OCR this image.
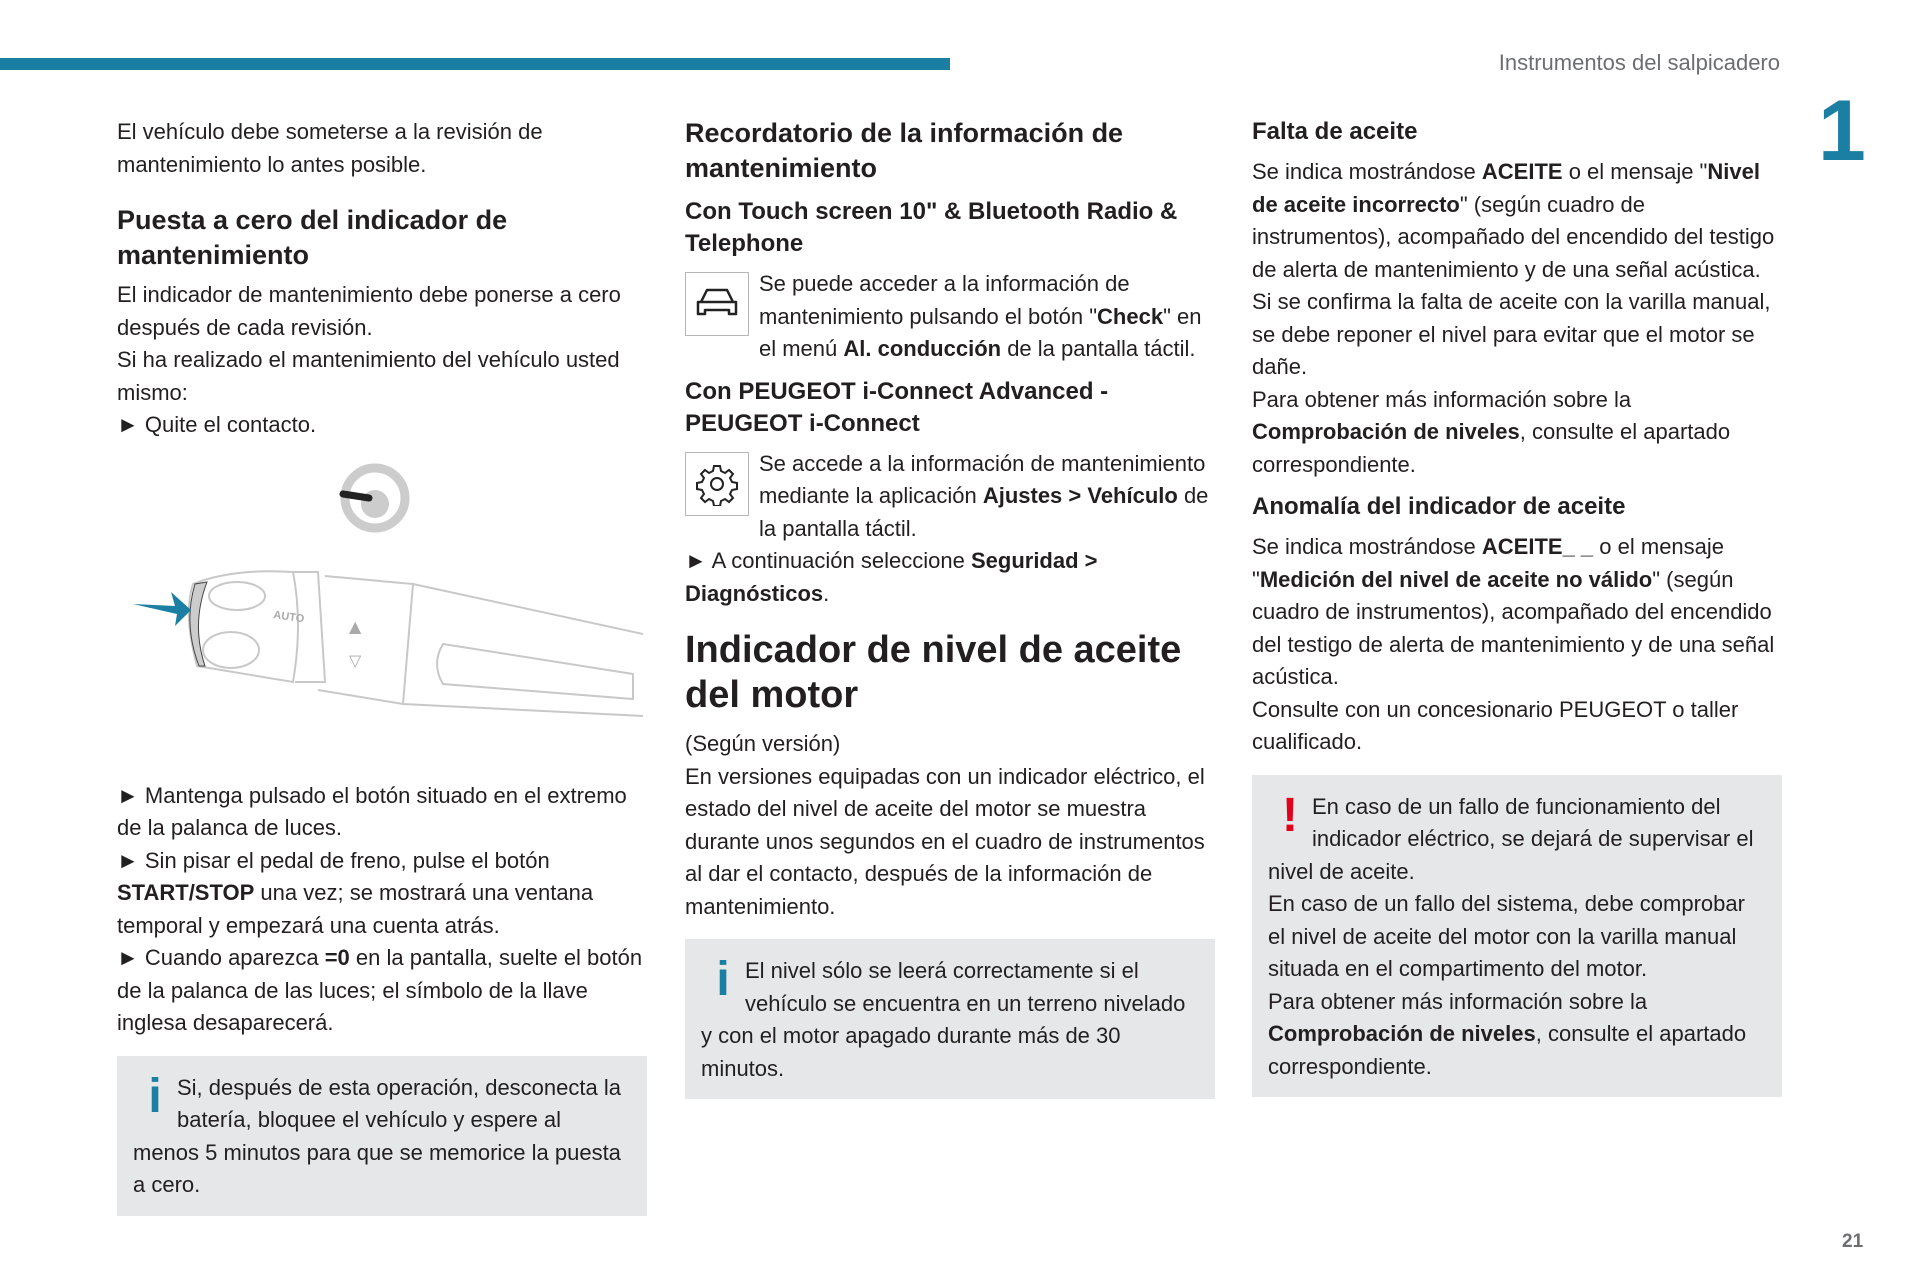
Instrumentos del salpicadero
1
21

El vehículo debe someterse a la revisión de mantenimiento lo antes posible.

Puesta a cero del indicador de mantenimiento

El indicador de mantenimiento debe ponerse a cero después de cada revisión.

Si ha realizado el mantenimiento del vehículo usted mismo:

► Quite el contacto.

AUTO	▲
▽

► Mantenga pulsado el botón situado en el extremo de la palanca de luces.

► Sin pisar el pedal de freno, pulse el botón START/STOP una vez; se mostrará una ventana temporal y empezará una cuenta atrás.

► Cuando aparezca =0 en la pantalla, suelte el botón de la palanca de las luces; el símbolo de la llave inglesa desaparecerá.

i Si, después de esta operación, desconecta la batería, bloquee el vehículo y espere al menos 5 minutos para que se memorice la puesta a cero.

Recordatorio de la información de mantenimiento
Con Touch screen 10" & Bluetooth Radio & Telephone

Se puede acceder a la información de mantenimiento pulsando el botón "Check" en el menú Al. conducción de la pantalla táctil.

Con PEUGEOT i-Connect Advanced - PEUGEOT i-Connect

Se accede a la información de mantenimiento mediante la aplicación Ajustes > Vehículo de la pantalla táctil.

► A continuación seleccione Seguridad > Diagnósticos.

Indicador de nivel de aceite del motor

(Según versión)

En versiones equipadas con un indicador eléctrico, el estado del nivel de aceite del motor se muestra durante unos segundos en el cuadro de instrumentos al dar el contacto, después de la información de mantenimiento.

i El nivel sólo se leerá correctamente si el vehículo se encuentra en un terreno nivelado y con el motor apagado durante más de 30 minutos.

Falta de aceite

Se indica mostrándose ACEITE o el mensaje "Nivel de aceite incorrecto" (según cuadro de instrumentos), acompañado del encendido del testigo de alerta de mantenimiento y de una señal acústica.

Si se confirma la falta de aceite con la varilla manual, se debe reponer el nivel para evitar que el motor se dañe.

Para obtener más información sobre la Comprobación de niveles, consulte el apartado correspondiente.

Anomalía del indicador de aceite

Se indica mostrándose ACEITE_ _ o el mensaje "Medición del nivel de aceite no válido" (según cuadro de instrumentos), acompañado del encendido del testigo de alerta de mantenimiento y de una señal acústica.

Consulte con un concesionario PEUGEOT o taller cualificado.

! En caso de un fallo de funcionamiento del indicador eléctrico, se dejará de supervisar el nivel de aceite.

En caso de un fallo del sistema, debe comprobar el nivel de aceite del motor con la varilla manual situada en el compartimento del motor.

Para obtener más información sobre la Comprobación de niveles, consulte el apartado correspondiente.
